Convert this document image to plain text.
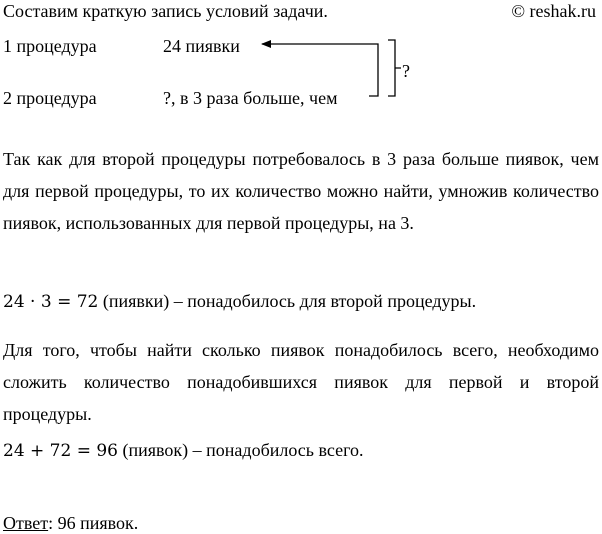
Составим краткую запись условий задачи.	© reshak.ru
1 процедура	24 пиявки
2 процедура	?, в 3 раза больше, чем
?
Так как для второй процедуры потребовалось в 3 раза больше пиявок, чем для первой процедуры, то их количество можно найти, умножив количество пиявок, использованных для первой процедуры, на 3.
24 · 3 = 72 (пиявки) – понадобилось для второй процедуры.
Для того, чтобы найти сколько пиявок понадобилось всего, необходимо сложить количество понадобившихся пиявок для первой и второй процедуры.
24 + 72 = 96 (пиявок) – понадобилось всего.
Ответ: 96 пиявок.
